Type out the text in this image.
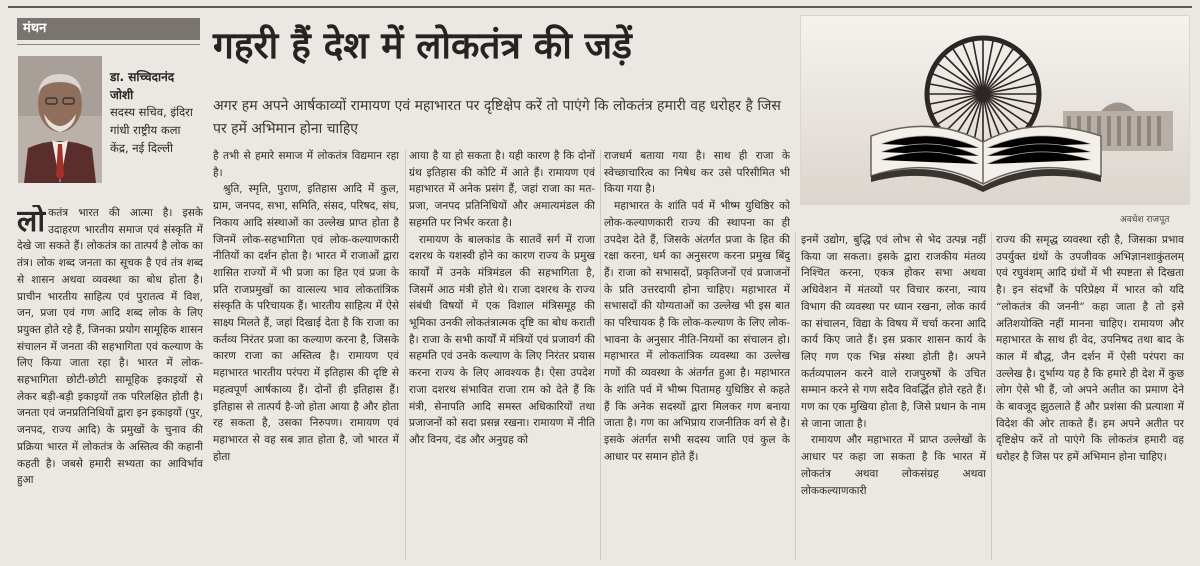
मंथन
डा. सच्चिदानंद जोशी
सदस्य सचिव, इंदिरा गांधी राष्ट्रीय कला केंद्र, नई दिल्ली
गहरी हैं देश में लोकतंत्र की जड़ें
अगर हम अपने आर्षकाव्यों रामायण एवं महाभारत पर दृष्टिक्षेप करें तो पाएंगे कि लोकतंत्र हमारी वह धरोहर है जिस पर हमें अभिमान होना चाहिए
अवधेश राजपूत
लो कतंत्र भारत की आत्मा है। इसके उदाहरण भारतीय समाज एवं संस्कृति में देखे जा सकते हैं। लोकतंत्र का तात्पर्य है लोक का तंत्र। लोक शब्द जनता का सूचक है एवं तंत्र शब्द से शासन अथवा व्यवस्था का बोध होता है। प्राचीन भारतीय साहित्य एवं पुरातत्व में विश, जन, प्रजा एवं गण आदि शब्द लोक के लिए प्रयुक्त होते रहे हैं, जिनका प्रयोग सामूहिक शासन संचालन में जनता की सहभागिता एवं कल्याण के लिए किया जाता रहा है। भारत में लोक-सहभागिता छोटी-छोटी सामूहिक इकाइयों से लेकर बड़ी-बड़ी इकाइयों तक परिलक्षित होती है। जनता एवं जनप्रतिनिधियों द्वारा इन इकाइयों (पुर, जनपद, राज्य आदि) के प्रमुखों के चुनाव की प्रक्रिया भारत में लोकतंत्र के अस्तित्व की कहानी कहती है। जबसे हमारी सभ्यता का आविर्भाव हुआ

है तभी से हमारे समाज में लोकतंत्र विद्यमान रहा है।

श्रुति, स्मृति, पुराण, इतिहास आदि में कुल, ग्राम, जनपद, सभा, समिति, संसद, परिषद, संघ, निकाय आदि संस्थाओं का उल्लेख प्राप्त होता है जिनमें लोक-सहभागिता एवं लोक-कल्याणकारी नीतियों का दर्शन होता है। भारत में राजाओं द्वारा शासित राज्यों में भी प्रजा का हित एवं प्रजा के प्रति राजप्रमुखों का वात्सल्य भाव लोकतांत्रिक संस्कृति के परिचायक हैं। भारतीय साहित्य में ऐसे साक्ष्य मिलते हैं, जहां दिखाई देता है कि राजा का कर्तव्य निरंतर प्रजा का कल्याण करना है, जिसके कारण राजा का अस्तित्व है। रामायण एवं महाभारत भारतीय परंपरा में इतिहास की दृष्टि से महत्वपूर्ण आर्षकाव्य हैं। दोनों ही इतिहास हैं। इतिहास से तात्पर्य है-जो होता आया है और होता रह सकता है, उसका निरुपण। रामायण एवं महाभारत से वह सब ज्ञात होता है, जो भारत में होता

आया है या हो सकता है। यही कारण है कि दोनों ग्रंथ इतिहास की कोटि में आते हैं। रामायण एवं महाभारत में अनेक प्रसंग हैं, जहां राजा का मत-प्रजा, जनपद प्रतिनिधियों और अमात्यमंडल की सहमति पर निर्भर करता है।

रामायण के बालकांड के सातवें सर्ग में राजा दशरथ के यशस्वी होने का कारण राज्य के प्रमुख कार्यों में उनके मंत्रिमंडल की सहभागिता है, जिसमें आठ मंत्री होते थे। राजा दशरथ के राज्य संबंधी विषयों में एक विशाल मंत्रिसमूह की भूमिका उनकी लोकतंत्रात्मक दृष्टि का बोध कराती है। राजा के सभी कार्यों में मंत्रियों एवं प्रजावर्ग की सहमति एवं उनके कल्याण के लिए निरंतर प्रयास करना राज्य के लिए आवश्यक है। ऐसा उपदेश राजा दशरथ संभावित राजा राम को देते हैं कि मंत्री, सेनापति आदि समस्त अधिकारियों तथा प्रजाजनों को सदा प्रसन्न रखना। रामायण में नीति और विनय, दंड और अनुग्रह को

राजधर्म बताया गया है। साथ ही राजा के स्वेच्छाचारित्व का निषेध कर उसे परिसीमित भी किया गया है।

महाभारत के शांति पर्व में भीष्म युधिष्ठिर को लोक-कल्याणकारी राज्य की स्थापना का ही उपदेश देते हैं, जिसके अंतर्गत प्रजा के हित की रक्षा करना, धर्म का अनुसरण करना प्रमुख बिंदु हैं। राजा को सभासदों, प्रकृतिजनों एवं प्रजाजनों के प्रति उत्तरदायी होना चाहिए। महाभारत में सभासदों की योग्यताओं का उल्लेख भी इस बात का परिचायक है कि लोक-कल्याण के लिए लोक-भावना के अनुसार नीति-नियमों का संचालन हो। महाभारत में लोकतांत्रिक व्यवस्था का उल्लेख गणों की व्यवस्था के अंतर्गत हुआ है। महाभारत के शांति पर्व में भीष्म पितामह युधिष्ठिर से कहते हैं कि अनेक सदस्यों द्वारा मिलकर गण बनाया जाता है। गण का अभिप्राय राजनीतिक वर्ग से है। इसके अंतर्गत सभी सदस्य जाति एवं कुल के आधार पर समान होते हैं।

इनमें उद्योग, बुद्धि एवं लोभ से भेद उत्पन्न नहीं किया जा सकता। इसके द्वारा राजकीय मंतव्य निश्चित करना, एकत्र होकर सभा अथवा अधिवेशन में मंतव्यों पर विचार करना, न्याय विभाग की व्यवस्था पर ध्यान रखना, लोक कार्य का संचालन, विद्या के विषय में चर्चा करना आदि कार्य किए जाते हैं। इस प्रकार शासन कार्य के लिए गण एक भिन्न संस्था होती है। अपने कर्तव्यपालन करने वाले राजपुरुषों के उचित सम्मान करने से गण सदैव विवर्द्धित होते रहते हैं। गण का एक मुखिया होता है, जिसे प्रधान के नाम से जाना जाता है।

रामायण और महाभारत में प्राप्त उल्लेखों के आधार पर कहा जा सकता है कि भारत में लोकतंत्र अथवा लोकसंग्रह अथवा लोककल्याणकारी

राज्य की समृद्ध व्यवस्था रही है, जिसका प्रभाव उपर्युक्त ग्रंथों के उपजीवक अभिज्ञानशाकुंतलम् एवं रघुवंशम् आदि ग्रंथों में भी स्पष्टता से दिखता है। इन संदर्भों के परिप्रेक्ष्य में भारत को यदि “लोकतंत्र की जननी” कहा जाता है तो इसे अतिशयोक्ति नहीं मानना चाहिए। रामायण और महाभारत के साथ ही वेद, उपनिषद तथा बाद के काल में बौद्ध, जैन दर्शन में ऐसी परंपरा का उल्लेख है। दुर्भाग्य यह है कि हमारे ही देश में कुछ लोग ऐसे भी हैं, जो अपने अतीत का प्रमाण देने के बावजूद झुठलाते हैं और प्रशंसा की प्रत्याशा में विदेश की ओर ताकते हैं। हम अपने अतीत पर दृष्टिक्षेप करें तो पाएंगे कि लोकतंत्र हमारी वह धरोहर है जिस पर हमें अभिमान होना चाहिए।
